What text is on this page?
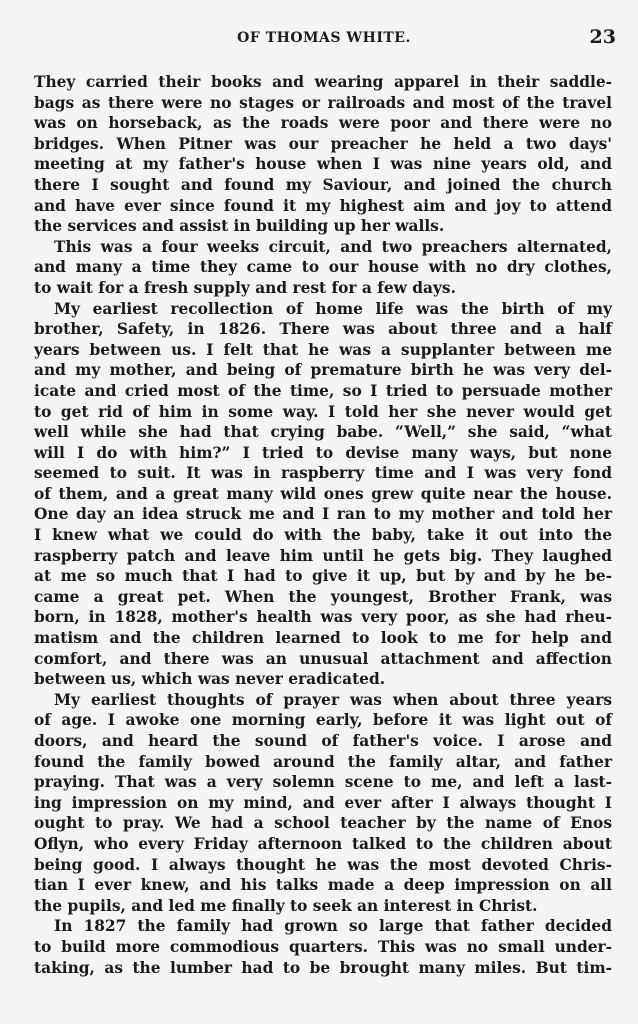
OF THOMAS WHITE.	23
They carried their books and wearing apparel in their saddle-
bags as there were no stages or railroads and most of the travel
was on horseback, as the roads were poor and there were no
bridges. When Pitner was our preacher he held a two days'
meeting at my father's house when I was nine years old, and
there I sought and found my Saviour, and joined the church
and have ever since found it my highest aim and joy to attend
the services and assist in building up her walls.
This was a four weeks circuit, and two preachers alternated,
and many a time they came to our house with no dry clothes,
to wait for a fresh supply and rest for a few days.
My earliest recollection of home life was the birth of my
brother, Safety, in 1826. There was about three and a half
years between us. I felt that he was a supplanter between me
and my mother, and being of premature birth he was very del-
icate and cried most of the time, so I tried to persuade mother
to get rid of him in some way. I told her she never would get
well while she had that crying babe. “Well,” she said, “what
will I do with him?” I tried to devise many ways, but none
seemed to suit. It was in raspberry time and I was very fond
of them, and a great many wild ones grew quite near the house.
One day an idea struck me and I ran to my mother and told her
I knew what we could do with the baby, take it out into the
raspberry patch and leave him until he gets big. They laughed
at me so much that I had to give it up, but by and by he be-
came a great pet. When the youngest, Brother Frank, was
born, in 1828, mother's health was very poor, as she had rheu-
matism and the children learned to look to me for help and
comfort, and there was an unusual attachment and affection
between us, which was never eradicated.
My earliest thoughts of prayer was when about three years
of age. I awoke one morning early, before it was light out of
doors, and heard the sound of father's voice. I arose and
found the family bowed around the family altar, and father
praying. That was a very solemn scene to me, and left a last-
ing impression on my mind, and ever after I always thought I
ought to pray. We had a school teacher by the name of Enos
Oflyn, who every Friday afternoon talked to the children about
being good. I always thought he was the most devoted Chris-
tian I ever knew, and his talks made a deep impression on all
the pupils, and led me finally to seek an interest in Christ.
In 1827 the family had grown so large that father decided
to build more commodious quarters. This was no small under-
taking, as the lumber had to be brought many miles. But tim-
